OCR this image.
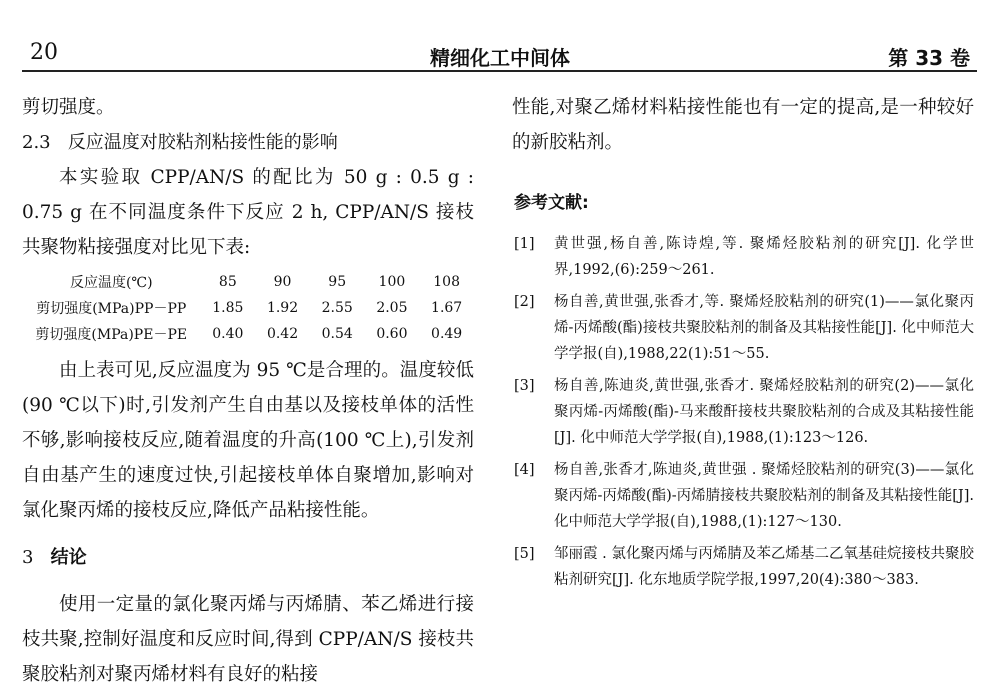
20	精细化工中间体	第 33 卷

剪切强度。

2.3 反应温度对胶粘剂粘接性能的影响

本实验取 CPP/AN/S 的配比为 50 g : 0.5 g : 0.75 g 在不同温度条件下反应 2 h, CPP/AN/S 接枝共聚物粘接强度对比见下表:

反应温度(℃)	85	90	95	100	108
剪切强度(MPa)PP－PP	1.85	1.92	2.55	2.05	1.67
剪切强度(MPa)PE－PE	0.40	0.42	0.54	0.60	0.49

由上表可见,反应温度为 95 ℃是合理的。温度较低(90 ℃以下)时,引发剂产生自由基以及接枝单体的活性不够,影响接枝反应,随着温度的升高(100 ℃上),引发剂自由基产生的速度过快,引起接枝单体自聚增加,影响对氯化聚丙烯的接枝反应,降低产品粘接性能。

3 结论

使用一定量的氯化聚丙烯与丙烯腈、苯乙烯进行接枝共聚,控制好温度和反应时间,得到 CPP/AN/S 接枝共聚胶粘剂对聚丙烯材料有良好的粘接

性能,对聚乙烯材料粘接性能也有一定的提高,是一种较好的新胶粘剂。

参考文献:
[1] 黄世强,杨自善,陈诗煌,等. 聚烯烃胶粘剂的研究[J]. 化学世界,1992,(6):259～261.
[2] 杨自善,黄世强,张香才,等. 聚烯烃胶粘剂的研究(1)——氯化聚丙烯-丙烯酸(酯)接枝共聚胶粘剂的制备及其粘接性能[J]. 化中师范大学学报(自),1988,22(1):51～55.
[3] 杨自善,陈迪炎,黄世强,张香才. 聚烯烃胶粘剂的研究(2)——氯化聚丙烯-丙烯酸(酯)-马来酸酐接枝共聚胶粘剂的合成及其粘接性能[J]. 化中师范大学学报(自),1988,(1):123～126.
[4] 杨自善,张香才,陈迪炎,黄世强 . 聚烯烃胶粘剂的研究(3)——氯化聚丙烯-丙烯酸(酯)-丙烯腈接枝共聚胶粘剂的制备及其粘接性能[J]. 化中师范大学学报(自),1988,(1):127～130.
[5] 邹丽霞 . 氯化聚丙烯与丙烯腈及苯乙烯基二乙氧基硅烷接枝共聚胶粘剂研究[J]. 化东地质学院学报,1997,20(4):380～383.
